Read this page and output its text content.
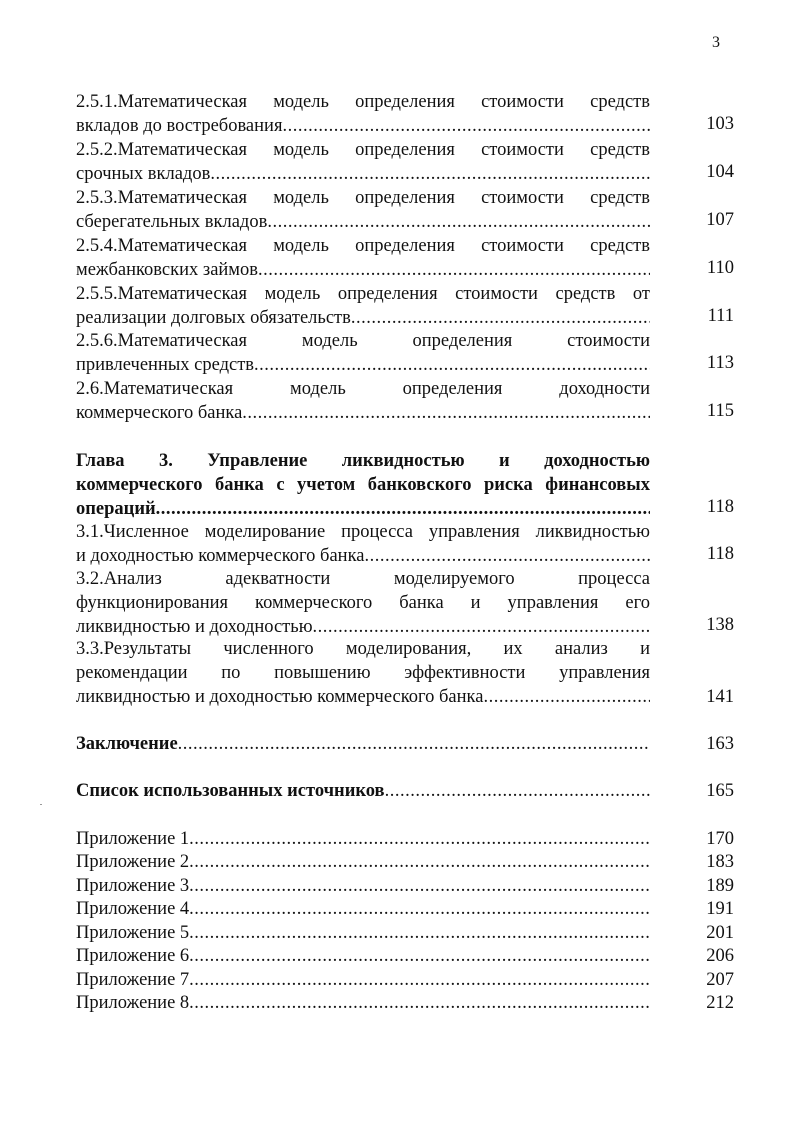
3
2.5.1.Математическая модель определения стоимости средств
вкладов до востребования .....	103
2.5.2.Математическая модель определения стоимости средств
срочных вкладов .....	104
2.5.3.Математическая модель определения стоимости средств
сберегательных вкладов .....	107
2.5.4.Математическая модель определения стоимости средств
межбанковских займов .....	110
2.5.5.Математическая модель определения стоимости средств от
реализации долговых обязательств .....	111
2.5.6.Математическая модель определения стоимости
привлеченных средств .....	113
2.6.Математическая модель определения доходности
коммерческого банка .....	115
Глава 3. Управление ликвидностью и доходностью
коммерческого банка с учетом банковского риска финансовых
операций .....	118
3.1.Численное моделирование процесса управления ликвидностью
и доходностью коммерческого банка .....	118
3.2.Анализ адекватности моделируемого процесса
функционирования коммерческого банка и управления его
ликвидностью и доходностью .....	138
3.3.Результаты численного моделирования, их анализ и
рекомендации по повышению эффективности управления
ликвидностью и доходностью коммерческого банка .....	141
Заключение .....	163
Список использованных источников .....	165
Приложение 1 .....	170
Приложение 2 .....	183
Приложение 3 .....	189
Приложение 4 .....	191
Приложение 5 .....	201
Приложение 6 .....	206
Приложение 7 .....	207
Приложение 8 .....	212
